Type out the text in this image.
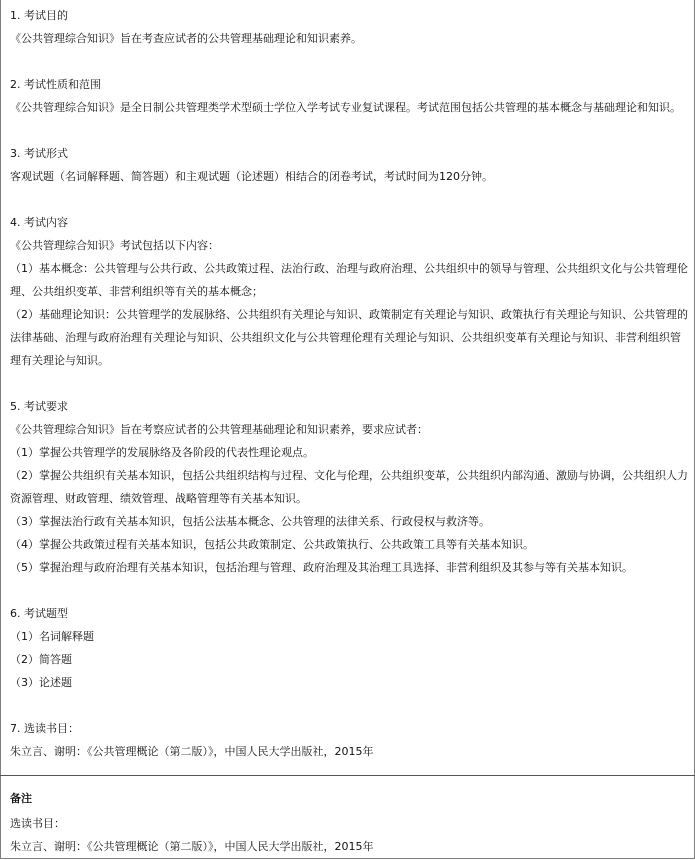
1. 考试目的
《公共管理综合知识》旨在考查应试者的公共管理基础理论和知识素养。
2. 考试性质和范围
《公共管理综合知识》是全日制公共管理类学术型硕士学位入学考试专业复试课程。考试范围包括公共管理的基本概念与基础理论和知识。
3. 考试形式
客观试题（名词解释题、简答题）和主观试题（论述题）相结合的闭卷考试，考试时间为120分钟。
4. 考试内容
《公共管理综合知识》考试包括以下内容：
（1）基本概念：公共管理与公共行政、公共政策过程、法治行政、治理与政府治理、公共组织中的领导与管理、公共组织文化与公共管理伦理、公共组织变革、非营利组织等有关的基本概念；
（2）基础理论知识：公共管理学的发展脉络、公共组织有关理论与知识、政策制定有关理论与知识、政策执行有关理论与知识、公共管理的法律基础、治理与政府治理有关理论与知识、公共组织文化与公共管理伦理有关理论与知识、公共组织变革有关理论与知识、非营利组织管理有关理论与知识。
5. 考试要求
《公共管理综合知识》旨在考察应试者的公共管理基础理论和知识素养，要求应试者：
（1）掌握公共管理学的发展脉络及各阶段的代表性理论观点。
（2）掌握公共组织有关基本知识，包括公共组织结构与过程、文化与伦理，公共组织变革，公共组织内部沟通、激励与协调，公共组织人力资源管理、财政管理、绩效管理、战略管理等有关基本知识。
（3）掌握法治行政有关基本知识，包括公法基本概念、公共管理的法律关系、行政侵权与救济等。
（4）掌握公共政策过程有关基本知识，包括公共政策制定、公共政策执行、公共政策工具等有关基本知识。
（5）掌握治理与政府治理有关基本知识，包括治理与管理、政府治理及其治理工具选择、非营利组织及其参与等有关基本知识。
6. 考试题型
（1）名词解释题
（2）简答题
（3）论述题
7. 选读书目：
朱立言、谢明：《公共管理概论（第二版）》，中国人民大学出版社，2015年
备注
选读书目：
朱立言、谢明：《公共管理概论（第二版）》，中国人民大学出版社，2015年
